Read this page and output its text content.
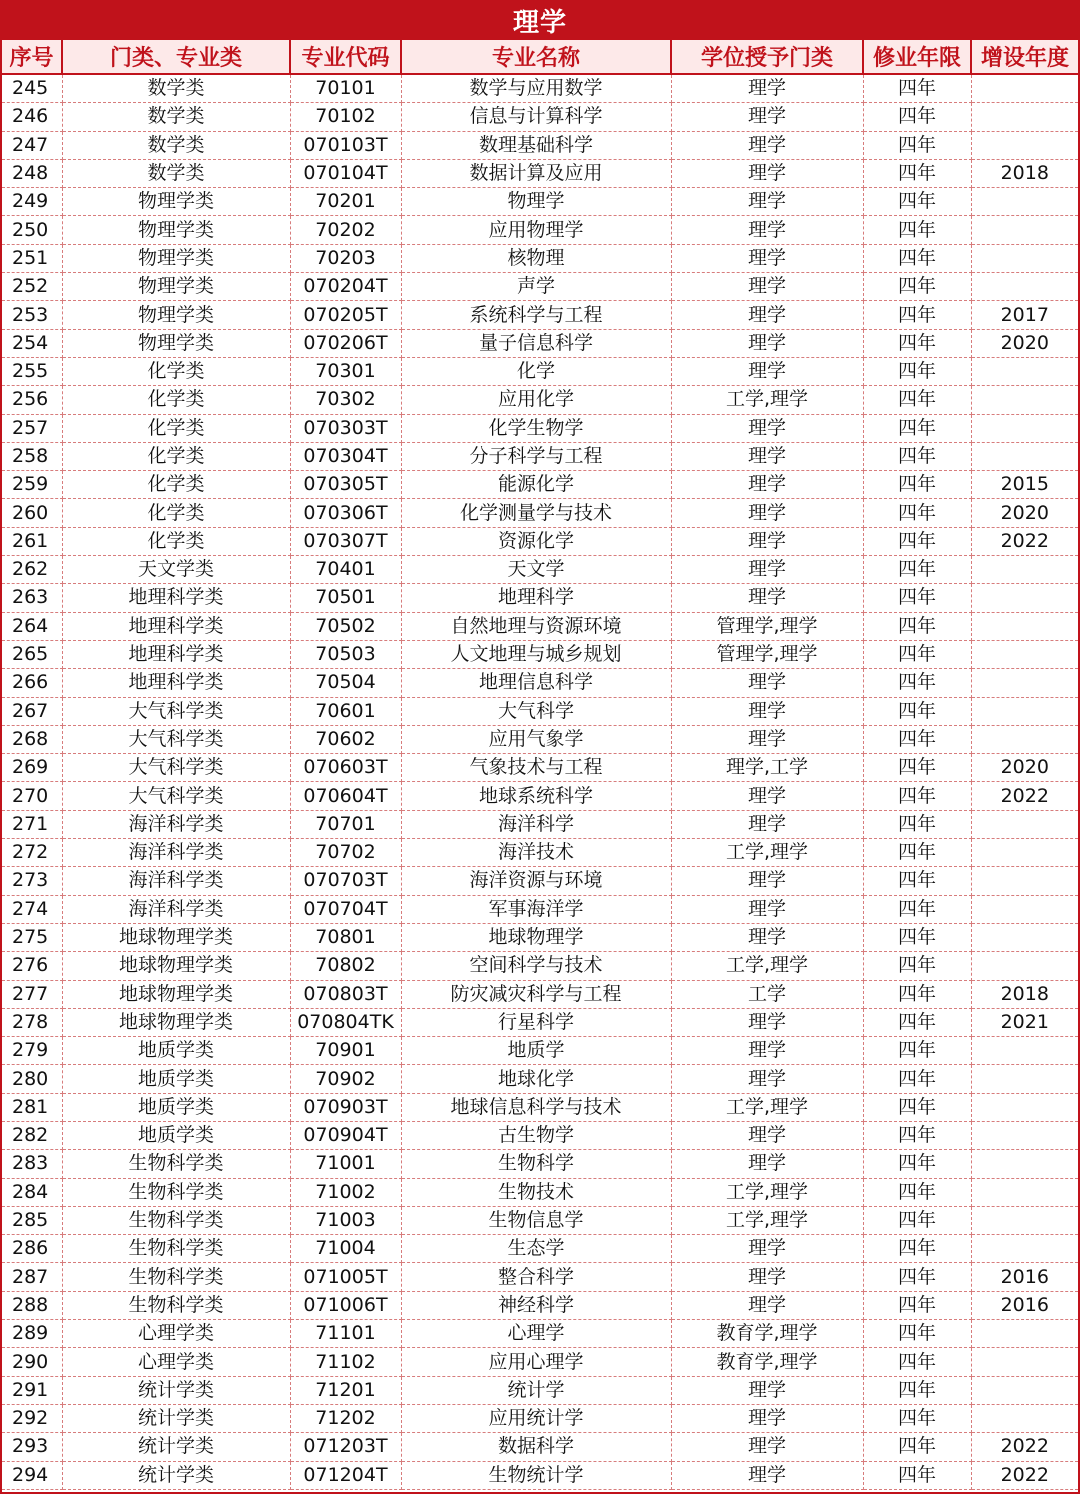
理学
序号	门类、专业类	专业代码	专业名称	学位授予门类	修业年限	增设年度
245	数学类	70101	数学与应用数学	理学	四年	
246	数学类	70102	信息与计算科学	理学	四年	
247	数学类	070103T	数理基础科学	理学	四年	
248	数学类	070104T	数据计算及应用	理学	四年	2018
249	物理学类	70201	物理学	理学	四年	
250	物理学类	70202	应用物理学	理学	四年	
251	物理学类	70203	核物理	理学	四年	
252	物理学类	070204T	声学	理学	四年	
253	物理学类	070205T	系统科学与工程	理学	四年	2017
254	物理学类	070206T	量子信息科学	理学	四年	2020
255	化学类	70301	化学	理学	四年	
256	化学类	70302	应用化学	工学,理学	四年	
257	化学类	070303T	化学生物学	理学	四年	
258	化学类	070304T	分子科学与工程	理学	四年	
259	化学类	070305T	能源化学	理学	四年	2015
260	化学类	070306T	化学测量学与技术	理学	四年	2020
261	化学类	070307T	资源化学	理学	四年	2022
262	天文学类	70401	天文学	理学	四年	
263	地理科学类	70501	地理科学	理学	四年	
264	地理科学类	70502	自然地理与资源环境	管理学,理学	四年	
265	地理科学类	70503	人文地理与城乡规划	管理学,理学	四年	
266	地理科学类	70504	地理信息科学	理学	四年	
267	大气科学类	70601	大气科学	理学	四年	
268	大气科学类	70602	应用气象学	理学	四年	
269	大气科学类	070603T	气象技术与工程	理学,工学	四年	2020
270	大气科学类	070604T	地球系统科学	理学	四年	2022
271	海洋科学类	70701	海洋科学	理学	四年	
272	海洋科学类	70702	海洋技术	工学,理学	四年	
273	海洋科学类	070703T	海洋资源与环境	理学	四年	
274	海洋科学类	070704T	军事海洋学	理学	四年	
275	地球物理学类	70801	地球物理学	理学	四年	
276	地球物理学类	70802	空间科学与技术	工学,理学	四年	
277	地球物理学类	070803T	防灾减灾科学与工程	工学	四年	2018
278	地球物理学类	070804TK	行星科学	理学	四年	2021
279	地质学类	70901	地质学	理学	四年	
280	地质学类	70902	地球化学	理学	四年	
281	地质学类	070903T	地球信息科学与技术	工学,理学	四年	
282	地质学类	070904T	古生物学	理学	四年	
283	生物科学类	71001	生物科学	理学	四年	
284	生物科学类	71002	生物技术	工学,理学	四年	
285	生物科学类	71003	生物信息学	工学,理学	四年	
286	生物科学类	71004	生态学	理学	四年	
287	生物科学类	071005T	整合科学	理学	四年	2016
288	生物科学类	071006T	神经科学	理学	四年	2016
289	心理学类	71101	心理学	教育学,理学	四年	
290	心理学类	71102	应用心理学	教育学,理学	四年	
291	统计学类	71201	统计学	理学	四年	
292	统计学类	71202	应用统计学	理学	四年	
293	统计学类	071203T	数据科学	理学	四年	2022
294	统计学类	071204T	生物统计学	理学	四年	2022
